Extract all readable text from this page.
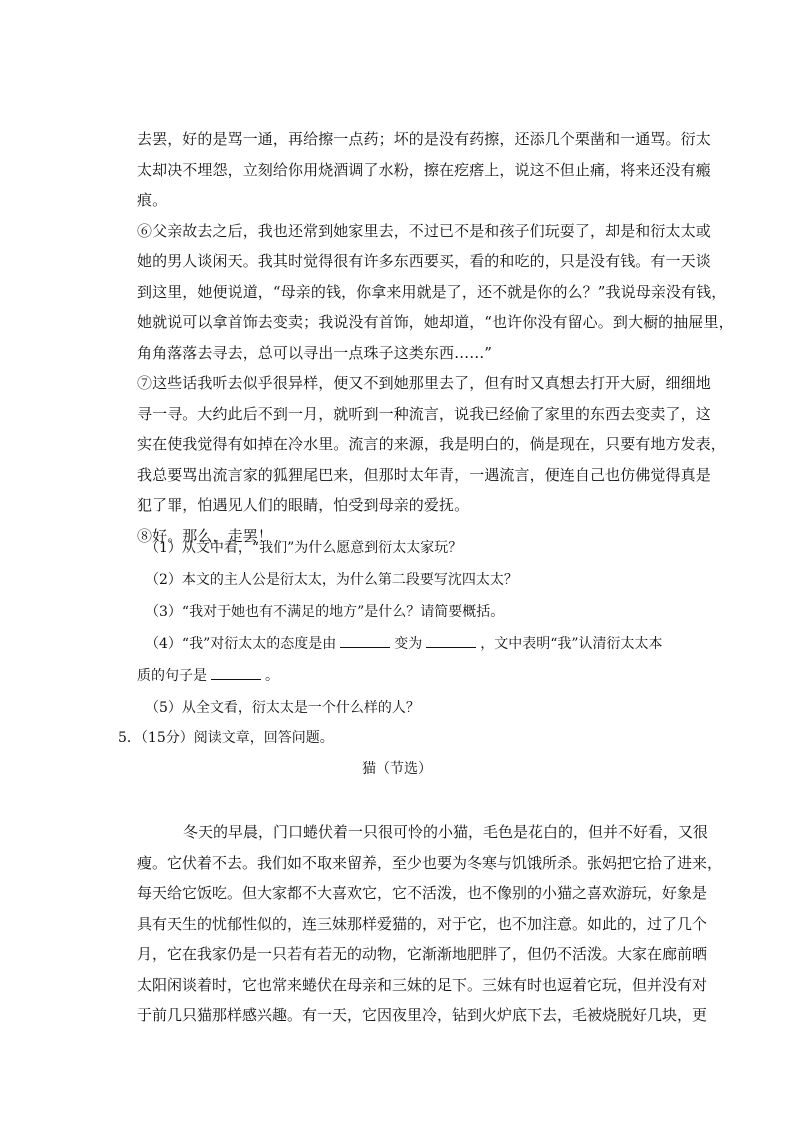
去罢，好的是骂一通，再给擦一点药；坏的是没有药擦，还添几个栗凿和一通骂。衍太
太却决不埋怨，立刻给你用烧酒调了水粉，擦在疙瘩上，说这不但止痛，将来还没有瘢
痕。
⑥父亲故去之后，我也还常到她家里去，不过已不是和孩子们玩耍了，却是和衍太太或
她的男人谈闲天。我其时觉得很有许多东西要买，看的和吃的，只是没有钱。有一天谈
到这里，她便说道，“母亲的钱，你拿来用就是了，还不就是你的么？”我说母亲没有钱，
她就说可以拿首饰去变卖；我说没有首饰，她却道，“也许你没有留心。到大橱的抽屉里，
角角落落去寻去，总可以寻出一点珠子这类东西……”
⑦这些话我听去似乎很异样，便又不到她那里去了，但有时又真想去打开大厨，细细地
寻一寻。大约此后不到一月，就听到一种流言，说我已经偷了家里的东西去变卖了，这
实在使我觉得有如掉在冷水里。流言的来源，我是明白的，倘是现在，只要有地方发表，
我总要骂出流言家的狐狸尾巴来，但那时太年青，一遇流言，便连自己也仿佛觉得真是
犯了罪，怕遇见人们的眼睛，怕受到母亲的爱抚。
⑧好。那么，走罢！
（1）从文中看，“我们”为什么愿意到衍太太家玩？
（2）本文的主人公是衍太太，为什么第二段要写沈四太太？
（3）“我对于她也有不满足的地方”是什么？请简要概括。
（4）“我”对衍太太的态度是由	变为	，文中表明“我”认清衍太太本
质的句子是	。
（5）从全文看，衍太太是一个什么样的人？
5．（15分）阅读文章，回答问题。
猫（节选）
冬天的早晨，门口蜷伏着一只很可怜的小猫，毛色是花白的，但并不好看，又很
瘦。它伏着不去。我们如不取来留养，至少也要为冬寒与饥饿所杀。张妈把它拾了进来，
每天给它饭吃。但大家都不大喜欢它，它不活泼，也不像别的小猫之喜欢游玩，好象是
具有天生的忧郁性似的，连三妹那样爱猫的，对于它，也不加注意。如此的，过了几个
月，它在我家仍是一只若有若无的动物，它渐渐地肥胖了，但仍不活泼。大家在廊前晒
太阳闲谈着时，它也常来蜷伏在母亲和三妹的足下。三妹有时也逗着它玩，但并没有对
于前几只猫那样感兴趣。有一天，它因夜里冷，钻到火炉底下去，毛被烧脱好几块，更
